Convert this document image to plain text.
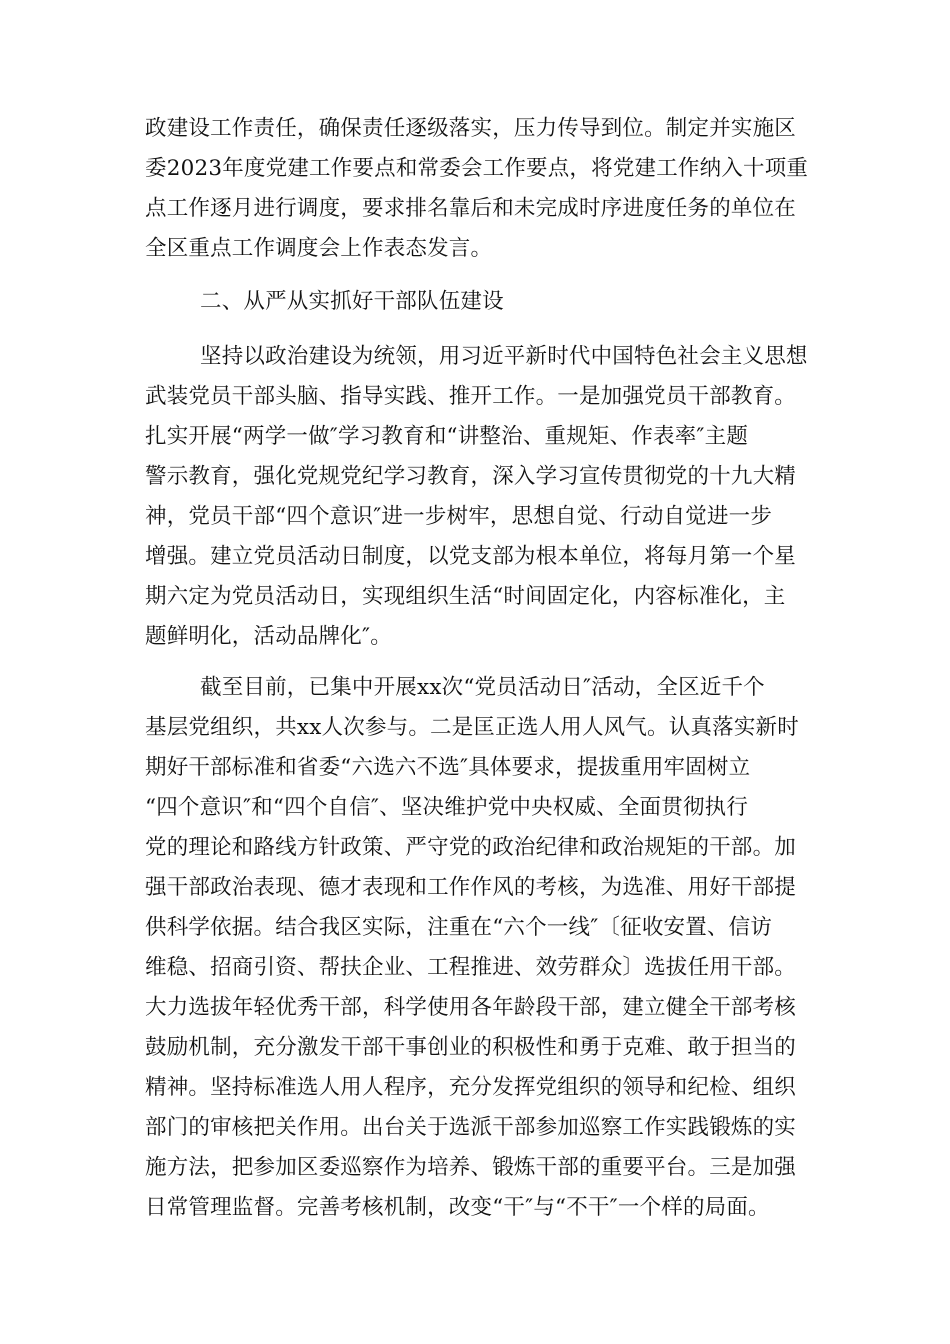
政建设工作责任，确保责任逐级落实，压力传导到位。制定并实施区
委2023年度党建工作要点和常委会工作要点，将党建工作纳入十项重
点工作逐月进行调度，要求排名靠后和未完成时序进度任务的单位在
全区重点工作调度会上作表态发言。
二、从严从实抓好干部队伍建设
坚持以政治建设为统领，用习近平新时代中国特色社会主义思想
武装党员干部头脑、指导实践、推开工作。一是加强党员干部教育。
扎实开展“两学一做″学习教育和“讲整治、重规矩、作表率″主题
警示教育，强化党规党纪学习教育，深入学习宣传贯彻党的十九大精
神，党员干部“四个意识″进一步树牢，思想自觉、行动自觉进一步
增强。建立党员活动日制度，以党支部为根本单位，将每月第一个星
期六定为党员活动日，实现组织生活“时间固定化，内容标准化，主
题鲜明化，活动品牌化″。
截至目前，已集中开展xx次“党员活动日″活动，全区近千个
基层党组织，共xx人次参与。二是匡正选人用人风气。认真落实新时
期好干部标准和省委“六选六不选″具体要求，提拔重用牢固树立
“四个意识″和“四个自信″、坚决维护党中央权威、全面贯彻执行
党的理论和路线方针政策、严守党的政治纪律和政治规矩的干部。加
强干部政治表现、德才表现和工作作风的考核，为选准、用好干部提
供科学依据。结合我区实际，注重在“六个一线″〔征收安置、信访
维稳、招商引资、帮扶企业、工程推进、效劳群众〕选拔任用干部。
大力选拔年轻优秀干部，科学使用各年龄段干部，建立健全干部考核
鼓励机制，充分激发干部干事创业的积极性和勇于克难、敢于担当的
精神。坚持标准选人用人程序，充分发挥党组织的领导和纪检、组织
部门的审核把关作用。出台关于选派干部参加巡察工作实践锻炼的实
施方法，把参加区委巡察作为培养、锻炼干部的重要平台。三是加强
日常管理监督。完善考核机制，改变“干″与“不干″一个样的局面。
